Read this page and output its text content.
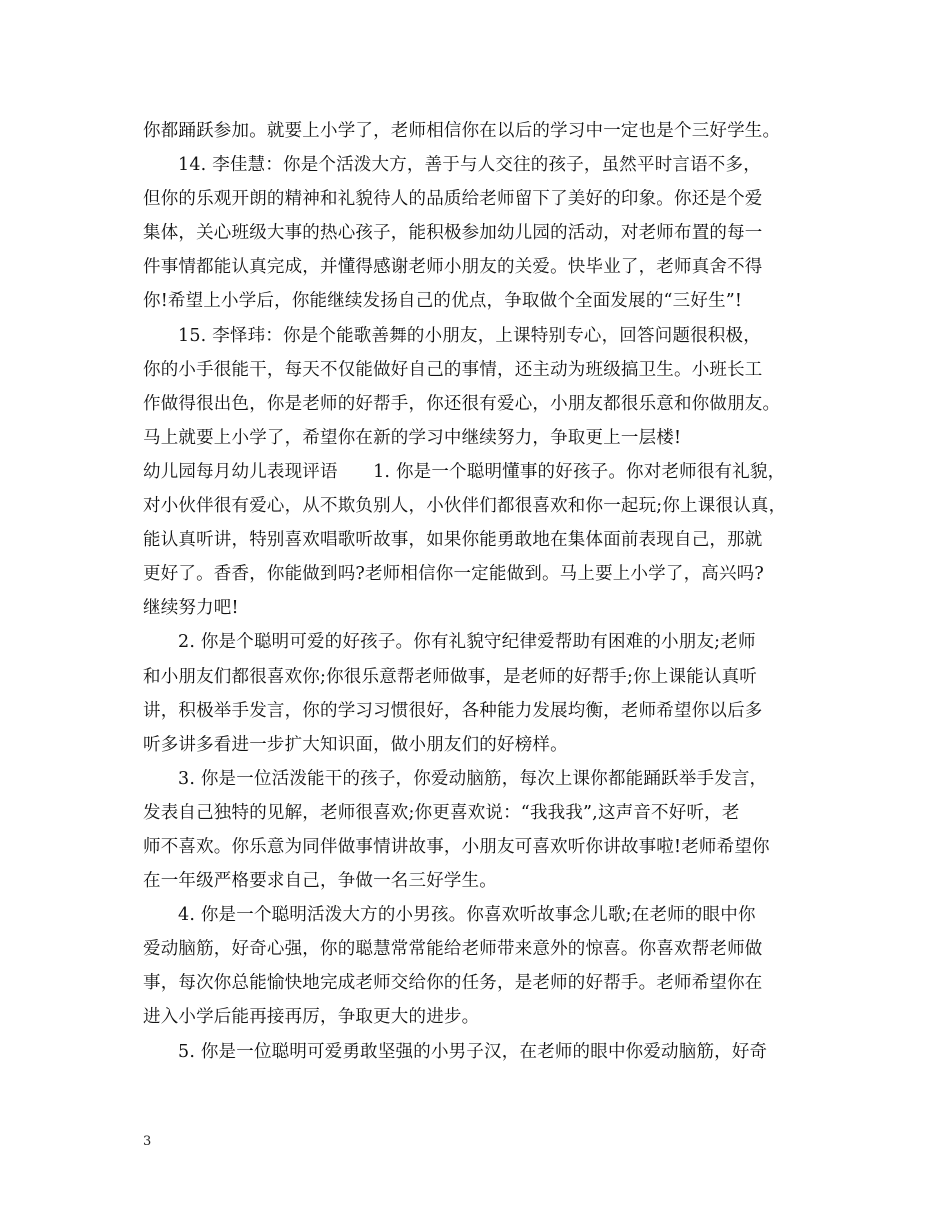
你都踊跃参加。就要上小学了，老师相信你在以后的学习中一定也是个三好学生。
14. 李佳慧：你是个活泼大方，善于与人交往的孩子，虽然平时言语不多，
但你的乐观开朗的精神和礼貌待人的品质给老师留下了美好的印象。你还是个爱
集体，关心班级大事的热心孩子，能积极参加幼儿园的活动，对老师布置的每一
件事情都能认真完成，并懂得感谢老师小朋友的关爱。快毕业了，老师真舍不得
你!希望上小学后，你能继续发扬自己的优点，争取做个全面发展的“三好生”!
15. 李怿玮：你是个能歌善舞的小朋友，上课特别专心，回答问题很积极，
你的小手很能干，每天不仅能做好自己的事情，还主动为班级搞卫生。小班长工
作做得很出色，你是老师的好帮手，你还很有爱心，小朋友都很乐意和你做朋友。
马上就要上小学了，希望你在新的学习中继续努力，争取更上一层楼!
幼儿园每月幼儿表现评语　　1. 你是一个聪明懂事的好孩子。你对老师很有礼貌，
对小伙伴很有爱心，从不欺负别人，小伙伴们都很喜欢和你一起玩;你上课很认真，
能认真听讲，特别喜欢唱歌听故事，如果你能勇敢地在集体面前表现自己，那就
更好了。香香，你能做到吗?老师相信你一定能做到。马上要上小学了，高兴吗?
继续努力吧!
2. 你是个聪明可爱的好孩子。你有礼貌守纪律爱帮助有困难的小朋友;老师
和小朋友们都很喜欢你;你很乐意帮老师做事，是老师的好帮手;你上课能认真听
讲，积极举手发言，你的学习习惯很好，各种能力发展均衡，老师希望你以后多
听多讲多看进一步扩大知识面，做小朋友们的好榜样。
3. 你是一位活泼能干的孩子，你爱动脑筋，每次上课你都能踊跃举手发言，
发表自己独特的见解，老师很喜欢;你更喜欢说：“我我我”,这声音不好听，老
师不喜欢。你乐意为同伴做事情讲故事，小朋友可喜欢听你讲故事啦!老师希望你
在一年级严格要求自己，争做一名三好学生。
4. 你是一个聪明活泼大方的小男孩。你喜欢听故事念儿歌;在老师的眼中你
爱动脑筋，好奇心强，你的聪慧常常能给老师带来意外的惊喜。你喜欢帮老师做
事，每次你总能愉快地完成老师交给你的任务，是老师的好帮手。老师希望你在
进入小学后能再接再厉，争取更大的进步。
5. 你是一位聪明可爱勇敢坚强的小男子汉，在老师的眼中你爱动脑筋，好奇
3
